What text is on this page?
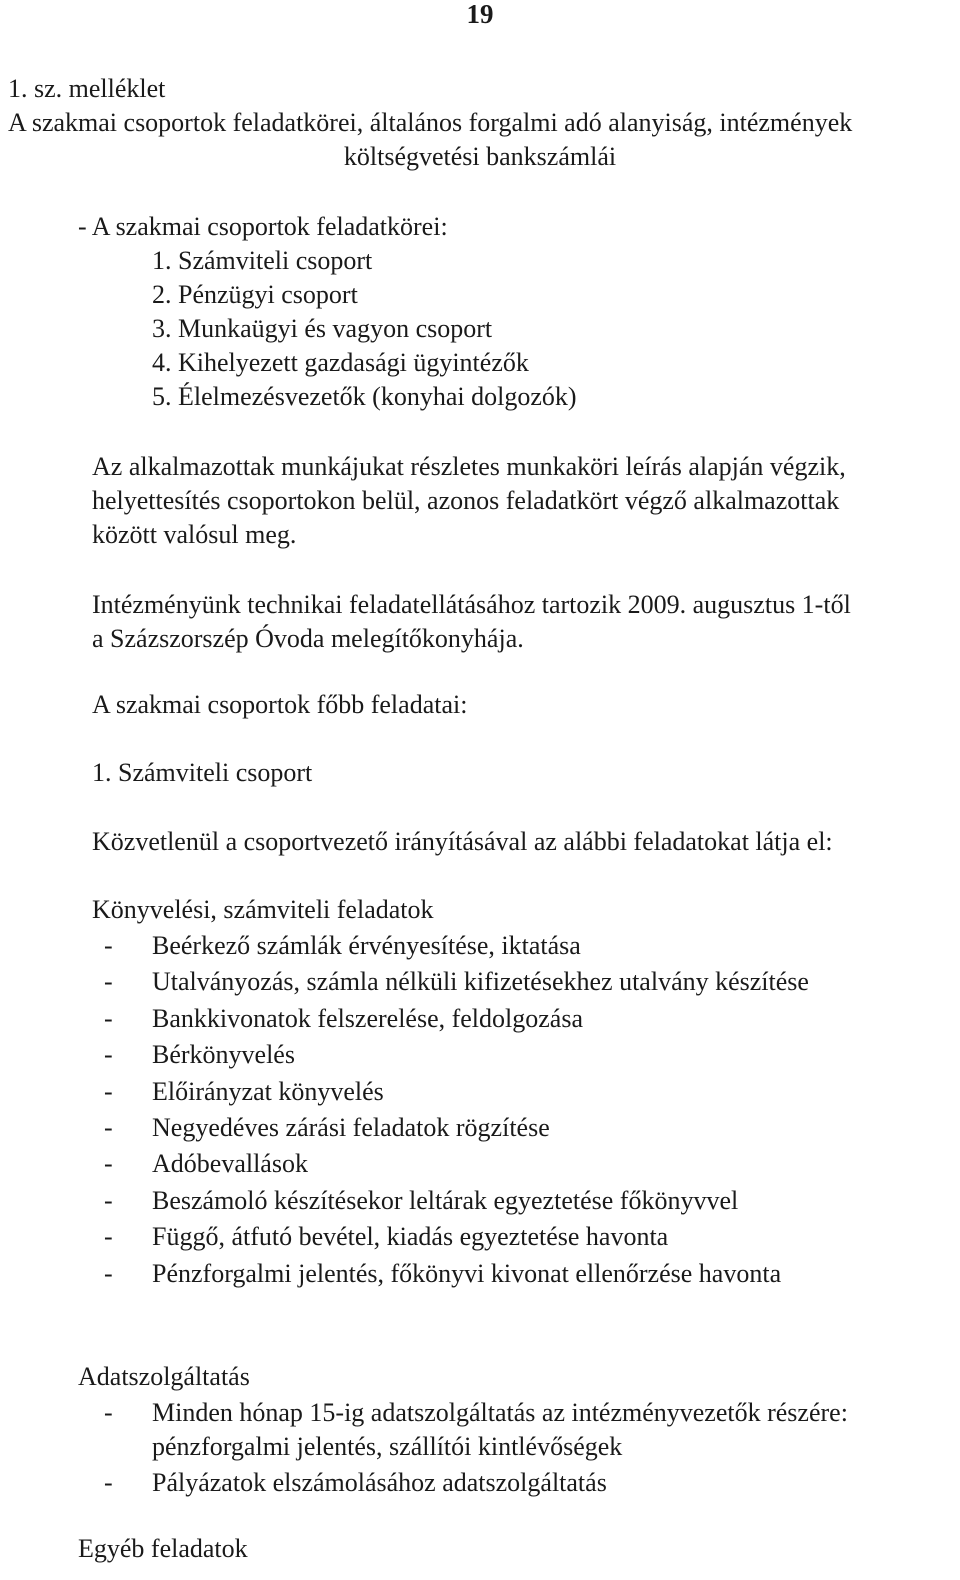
19
1. sz. melléklet
A szakmai csoportok feladatkörei, általános forgalmi adó alanyiság, intézmények
költségvetési bankszámlái
- A szakmai csoportok feladatkörei:
1. Számviteli csoport
2. Pénzügyi csoport
3. Munkaügyi és vagyon csoport
4. Kihelyezett gazdasági ügyintézők
5. Élelmezésvezetők (konyhai dolgozók)
Az alkalmazottak munkájukat részletes munkaköri leírás alapján végzik,
helyettesítés csoportokon belül, azonos feladatkört végző alkalmazottak
között valósul meg.
Intézményünk technikai feladatellátásához tartozik 2009. augusztus 1-től
a Százszorszép Óvoda melegítőkonyhája.
A szakmai csoportok főbb feladatai:
1. Számviteli csoport
Közvetlenül a csoportvezető irányításával az alábbi feladatokat látja el:
Könyvelési, számviteli feladatok
- Beérkező számlák érvényesítése, iktatása
- Utalványozás, számla nélküli kifizetésekhez utalvány készítése
- Bankkivonatok felszerelése, feldolgozása
- Bérkönyvelés
- Előirányzat könyvelés
- Negyedéves zárási feladatok rögzítése
- Adóbevallások
- Beszámoló készítésekor leltárak egyeztetése főkönyvvel
- Függő, átfutó bevétel, kiadás egyeztetése havonta
- Pénzforgalmi jelentés, főkönyvi kivonat ellenőrzése havonta
Adatszolgáltatás
- Minden hónap 15-ig adatszolgáltatás az intézményvezetők részére:
pénzforgalmi jelentés, szállítói kintlévőségek
- Pályázatok elszámolásához adatszolgáltatás
Egyéb feladatok
